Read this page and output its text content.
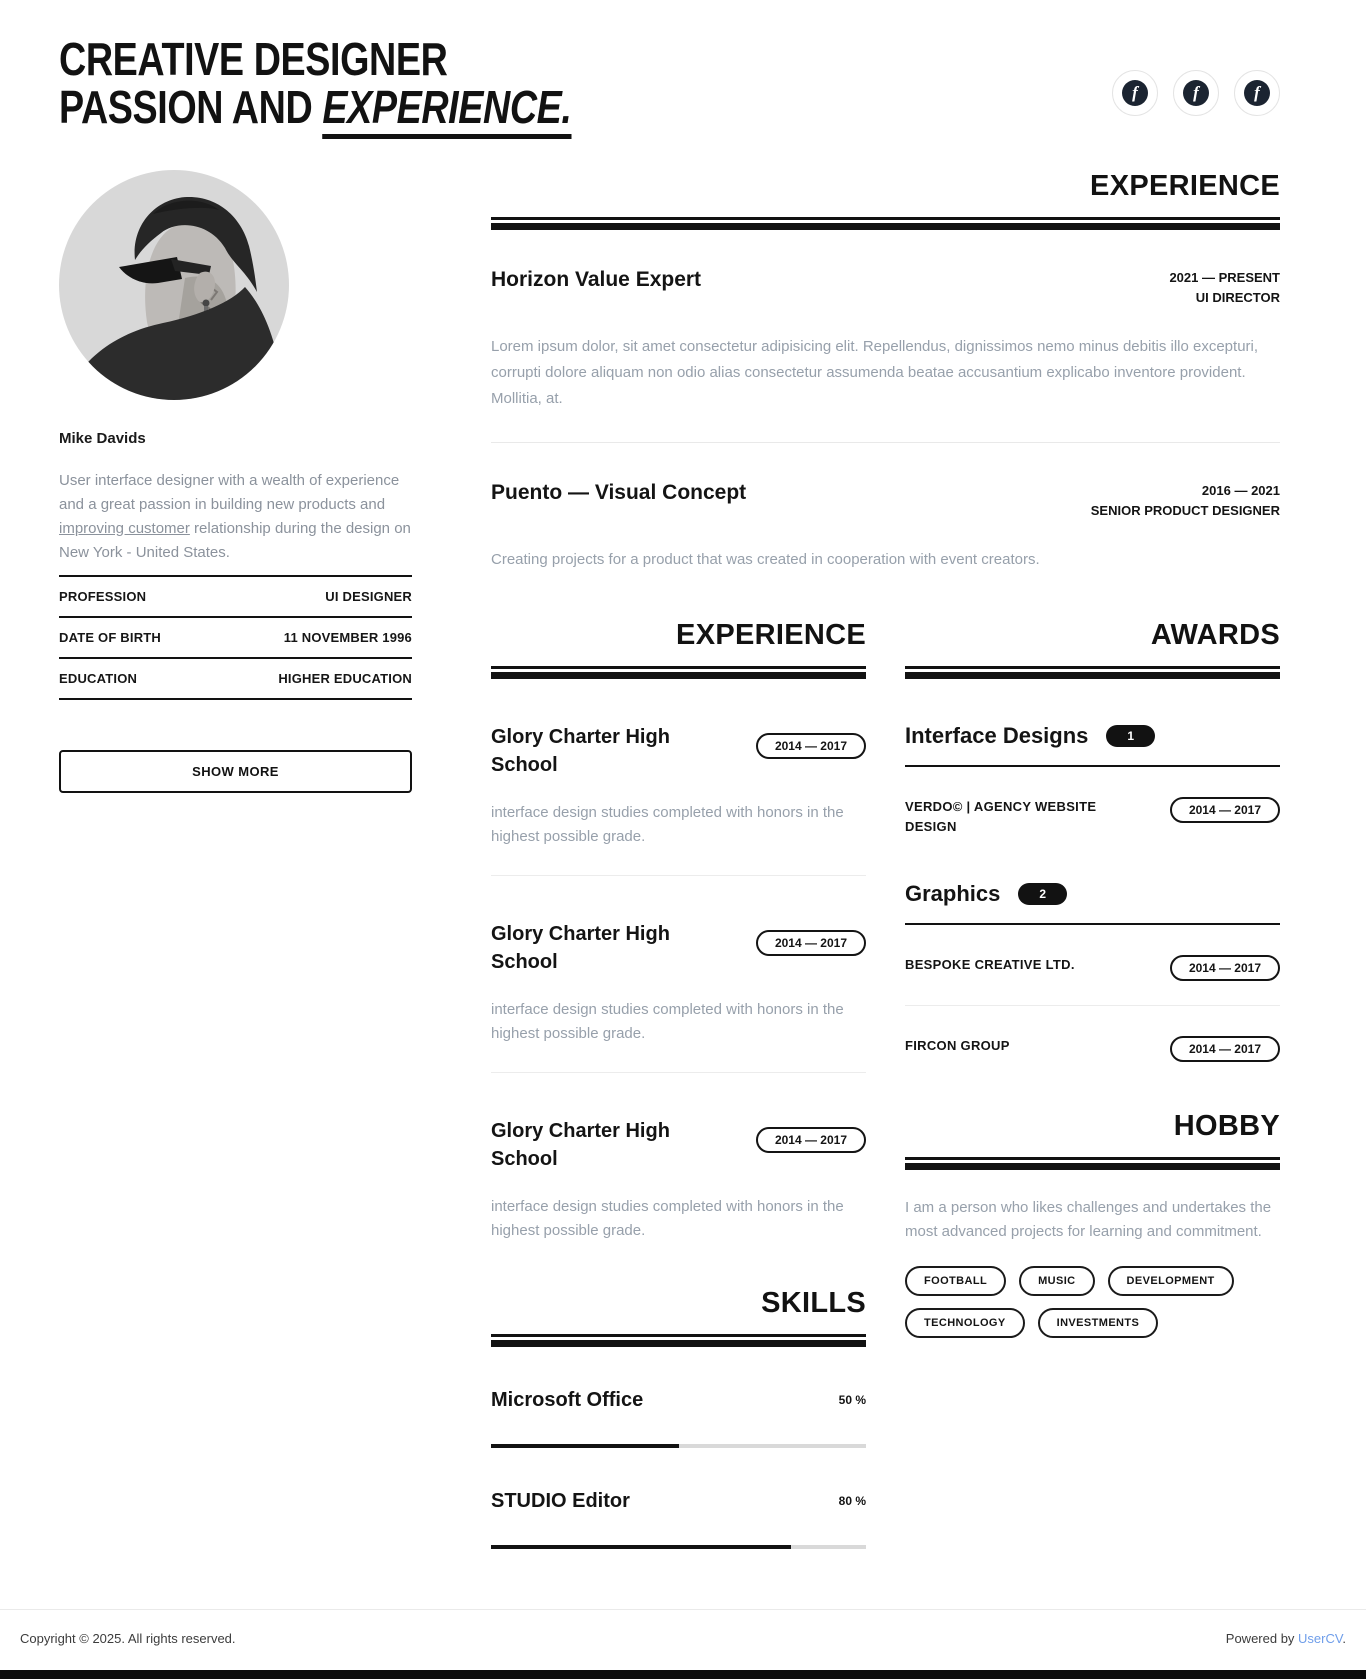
CREATIVE DESIGNER
PASSION AND EXPERIENCE.	f	f	f
Mike Davids

User interface designer with a wealth of experience and a great passion in building new products and improving customer relationship during the design on New York - United States.

PROFESSION	UI DESIGNER
DATE OF BIRTH	11 NOVEMBER 1996
EDUCATION	HIGHER EDUCATION
SHOW MORE
EXPERIENCE
Horizon Value Expert	2021 — PRESENT
UI DIRECTOR

Lorem ipsum dolor, sit amet consectetur adipisicing elit. Repellendus, dignissimos nemo minus debitis illo excepturi, corrupti dolore aliquam non odio alias consectetur assumenda beatae accusantium explicabo inventore provident. Mollitia, at.

Puento — Visual Concept	2016 — 2021
SENIOR PRODUCT DESIGNER

Creating projects for a product that was created in cooperation with event creators.

EXPERIENCE
Glory Charter High School
2014 — 2017

interface design studies completed with honors in the highest possible grade.

Glory Charter High School
2014 — 2017

interface design studies completed with honors in the highest possible grade.

Glory Charter High School
2014 — 2017

interface design studies completed with honors in the highest possible grade.

SKILLS
Microsoft Office	50 %
STUDIO Editor	80 %
AWARDS
Interface Designs	1
VERDO© | AGENCY WEBSITE DESIGN
2014 — 2017
Graphics	2
BESPOKE CREATIVE LTD.	2014 — 2017
FIRCON GROUP	2014 — 2017
HOBBY

I am a person who likes challenges and undertakes the most advanced projects for learning and commitment.

FOOTBALL	MUSIC	DEVELOPMENT
TECHNOLOGY	INVESTMENTS
Copyright © 2025. All rights reserved.	Powered by UserCV.
